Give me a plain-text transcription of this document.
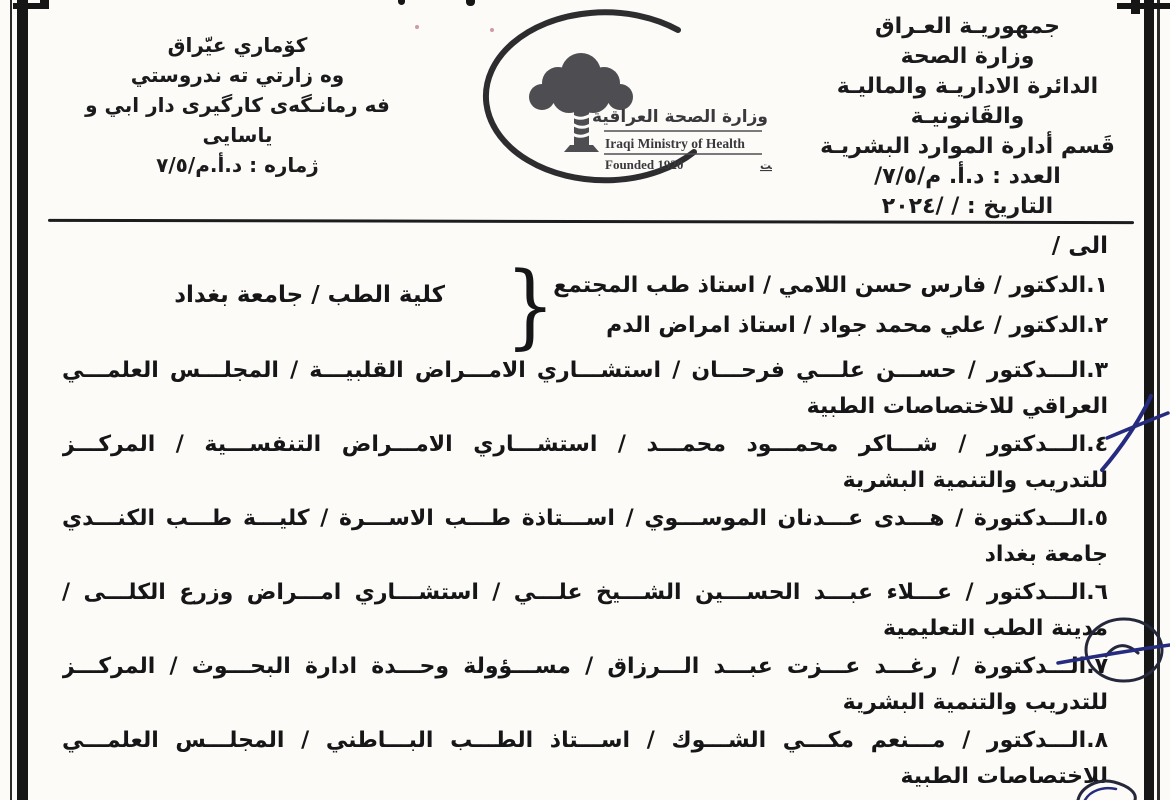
جمهوريـة العـراق
وزارة الصحة
الدائرة الاداريـة والماليـة والقَانونيـة
قَسم أدارة الموارد البشريـة
العدد : د.أ. م/٧/٥/
التاريخ : / /٢٠٢٤
كۆماري عيّراق
وه زارتي ته ندروستي
فه رمانـگه‌ی كارگيری دار ابي و ياسايی
ژماره : د.أ.م/٧/٥
وزارة الصحة العراقية
Iraqi Ministry of Health
Founded 1920	ت
الى /
١.الدكتور / فارس حسن اللامي / استاذ طب المجتمع
٢.الدكتور / علي محمد جواد / استاذ امراض الدم
{
كلية الطب / جامعة بغداد
٣.الـــدكتور / حســـن علـــي فرحـــان / استشـــاري الامـــراض القلبيـــة / المجلـــس العلمـــي
العراقي للاختصاصات الطبية
٤.الـــدكتور / شـــاكر محمـــود محمـــد / استشـــاري الامـــراض التنفســـية / المركـــز
للتدريب والتنمية البشرية
٥.الـــدكتورة / هـــدى عـــدنان الموســـوي / اســـتاذة طـــب الاســـرة / كليـــة طـــب الكنـــدي
جامعة بغداد
٦.الـــدكتور / عـــلاء عبـــد الحســـين الشـــيخ علـــي / استشـــاري امـــراض وزرع الكلـــى /
مدينة الطب التعليمية
٧.الـــدكتورة / رغـــد عـــزت عبـــد الـــرزاق / مســـؤولة وحـــدة ادارة البحـــوث / المركـــز
للتدريب والتنمية البشرية
٨.الـــدكتور / مـــنعم مكـــي الشـــوك / اســـتاذ الطـــب البـــاطني / المجلـــس العلمـــي
للاختصاصات الطبية
